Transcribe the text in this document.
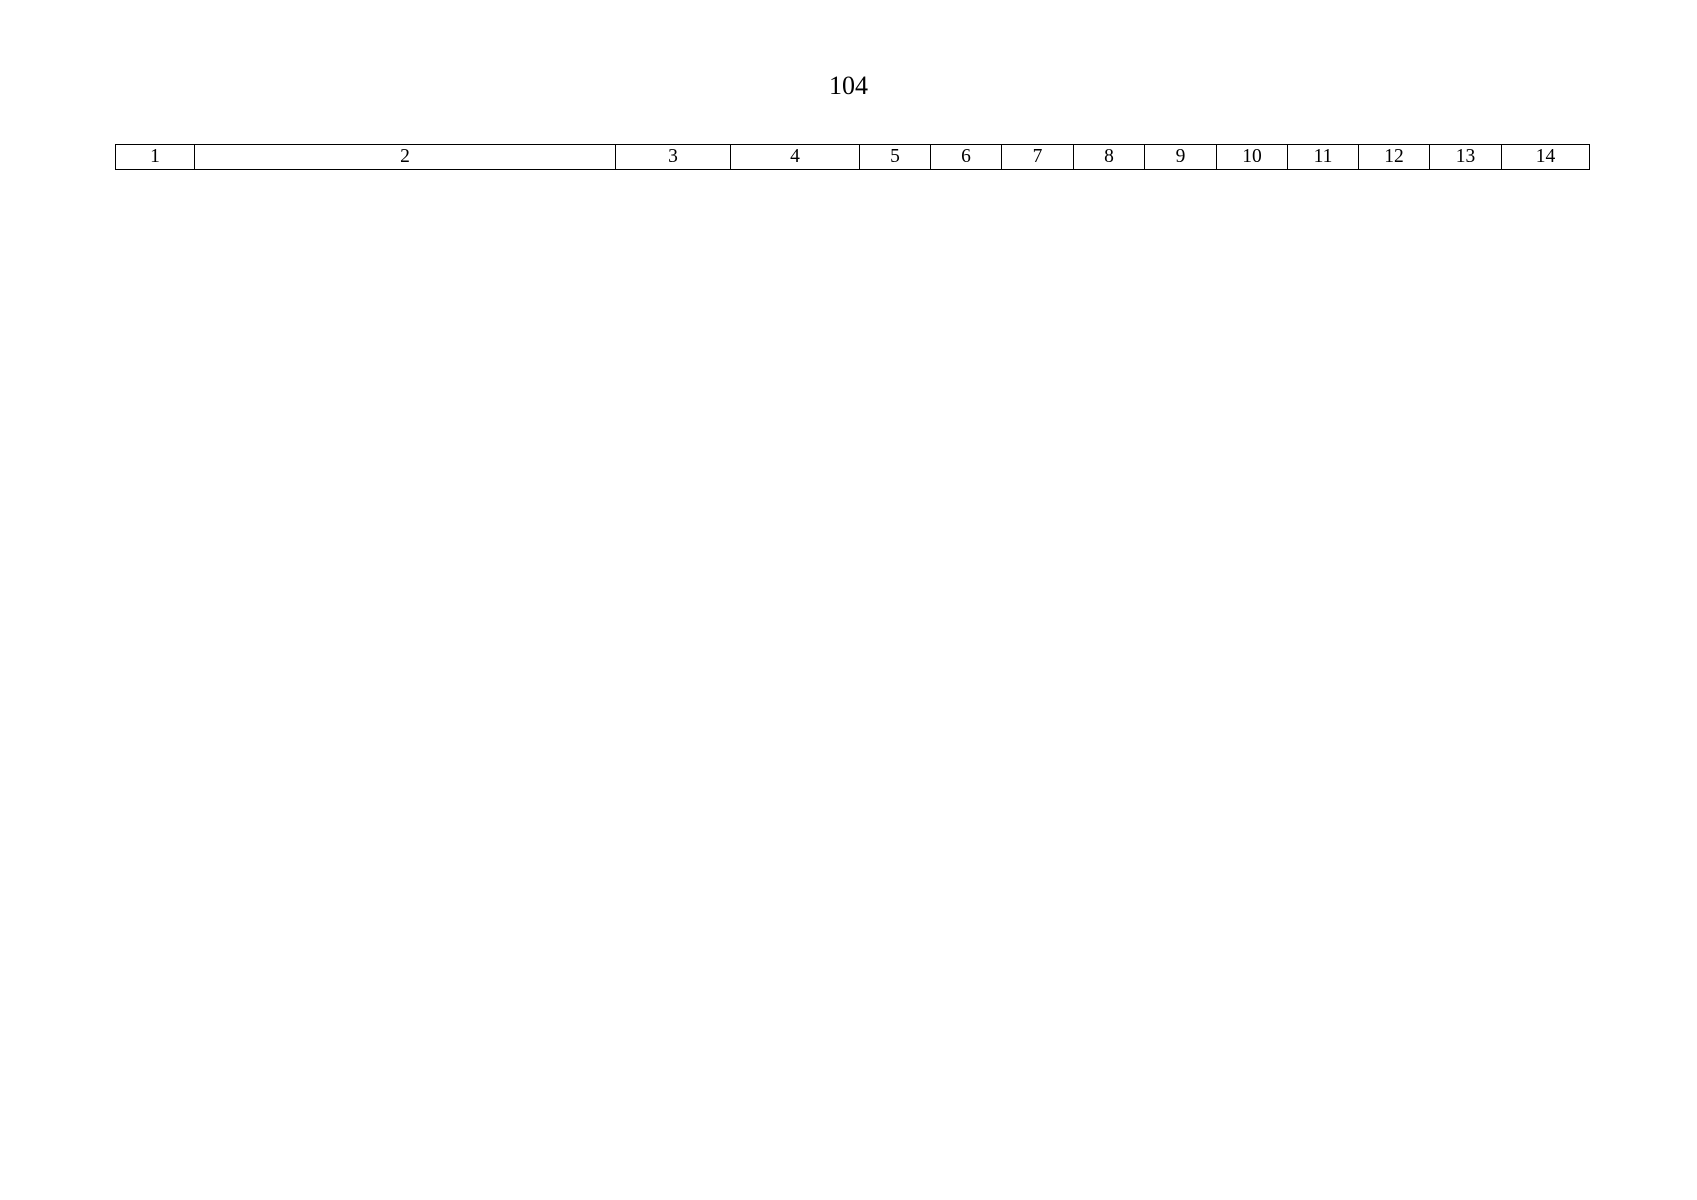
104
1	2	3	4	5	6	7	8	9	10	11	12	13	14
